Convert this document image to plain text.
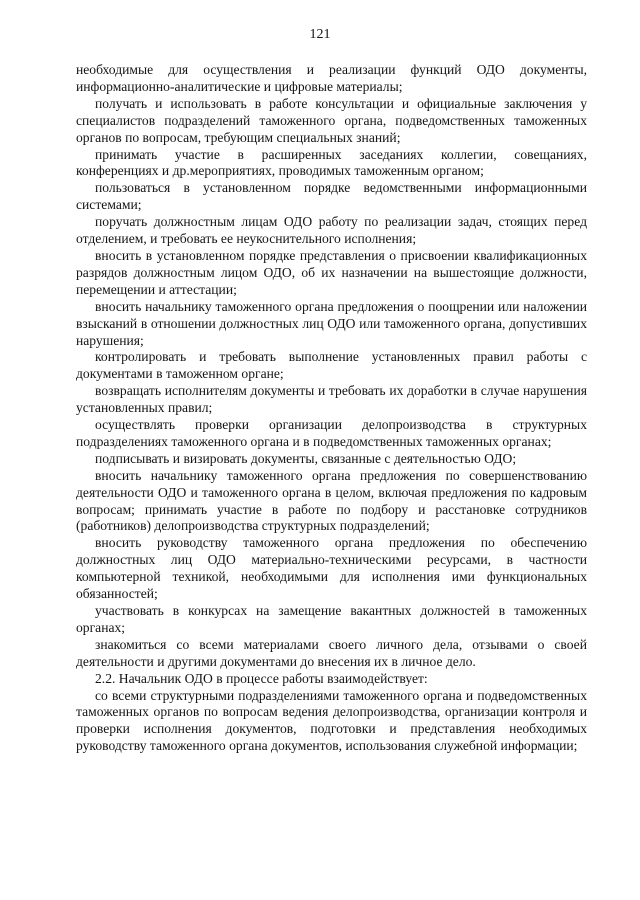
121

необходимые для осуществления и реализации функций ОДО документы, информационно-аналитические и цифровые материалы;

получать и использовать в работе консультации и официальные заключения у специалистов подразделений таможенного органа, подведомственных таможенных органов по вопросам, требующим специальных знаний;

принимать участие в расширенных заседаниях коллегии, совещаниях, конференциях и др.мероприятиях, проводимых таможенным органом;

пользоваться в установленном порядке ведомственными информационными системами;

поручать должностным лицам ОДО работу по реализации задач, стоящих перед отделением, и требовать ее неукоснительного исполнения;

вносить в установленном порядке представления о присвоении квалификационных разрядов должностным лицом ОДО, об их назначении на вышестоящие должности, перемещении и аттестации;

вносить начальнику таможенного органа предложения о поощрении или наложении взысканий в отношении должностных лиц ОДО или таможенного органа, допустивших нарушения;

контролировать и требовать выполнение установленных правил работы с документами в таможенном органе;

возвращать исполнителям документы и требовать их доработки в случае нарушения установленных правил;

осуществлять проверки организации делопроизводства в структурных подразделениях таможенного органа и в подведомственных таможенных органах;

подписывать и визировать документы, связанные с деятельностью ОДО;

вносить начальнику таможенного органа предложения по совершенствованию деятельности ОДО и таможенного органа в целом, включая предложения по кадровым вопросам; принимать участие в работе по подбору и расстановке сотрудников (работников) делопроизводства структурных подразделений;

вносить руководству таможенного органа предложения по обеспечению должностных лиц ОДО материально-техническими ресурсами, в частности компьютерной техникой, необходимыми для исполнения ими функциональных обязанностей;

участвовать в конкурсах на замещение вакантных должностей в таможенных органах;

знакомиться со всеми материалами своего личного дела, отзывами о своей деятельности и другими документами до внесения их в личное дело.

2.2. Начальник ОДО в процессе работы взаимодействует:

со всеми структурными подразделениями таможенного органа и подведомственных таможенных органов по вопросам ведения делопроизводства, организации контроля и проверки исполнения документов, подготовки и представления необходимых руководству таможенного органа документов, использования служебной информации;
